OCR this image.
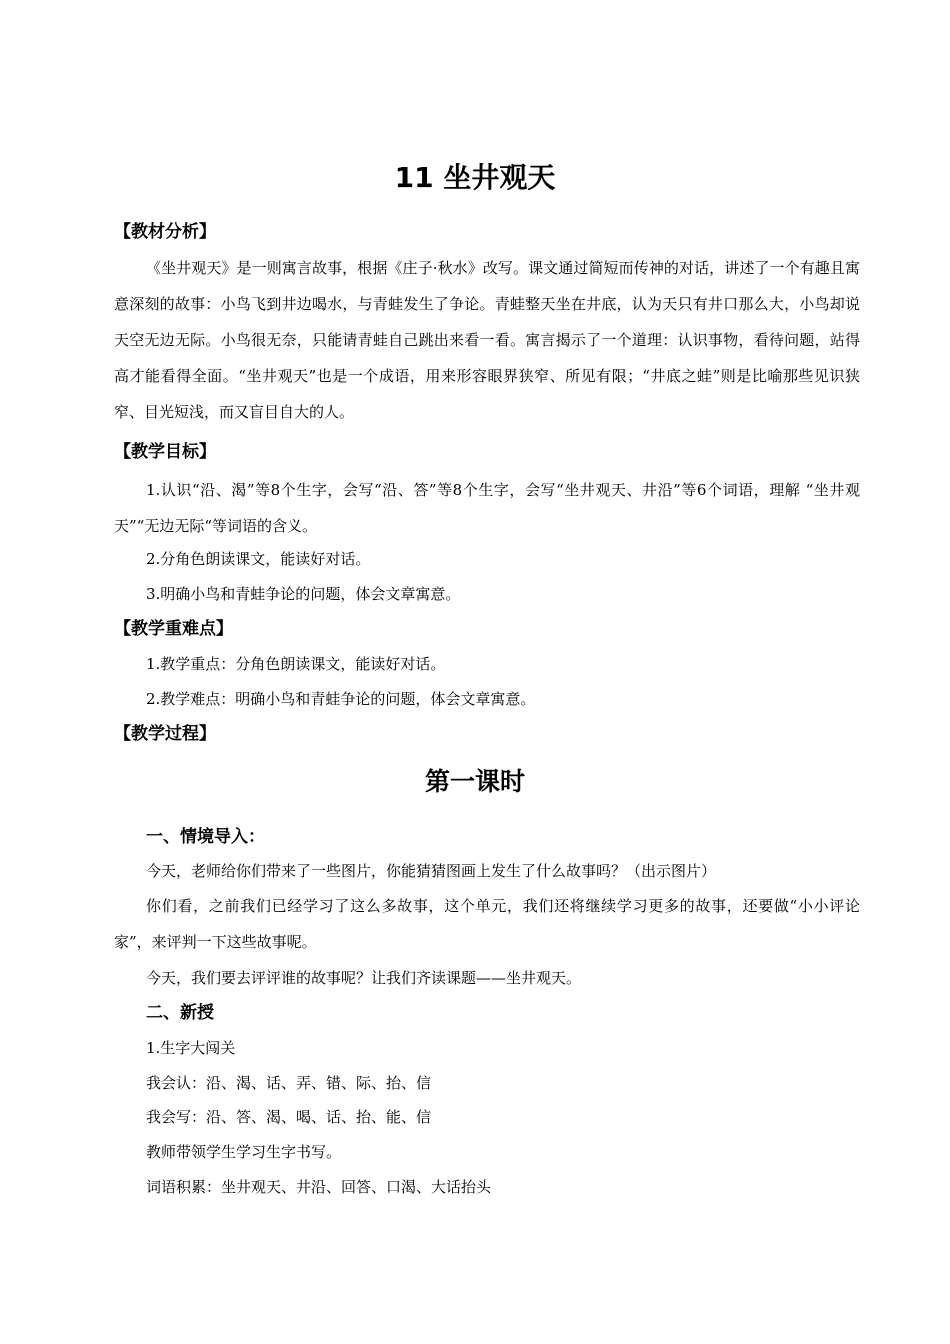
11 坐井观天
【教材分析】

《坐井观天》是一则寓言故事，根据《庄子·秋水》改写。课文通过简短而传神的对话，讲述了一个有趣且寓意深刻的故事：小鸟飞到井边喝水，与青蛙发生了争论。青蛙整天坐在井底，认为天只有井口那么大，小鸟却说天空无边无际。小鸟很无奈，只能请青蛙自己跳出来看一看。寓言揭示了一个道理：认识事物，看待问题，站得高才能看得全面。“坐井观天”也是一个成语，用来形容眼界狭窄、所见有限；“井底之蛙”则是比喻那些见识狭窄、目光短浅，而又盲目自大的人。

【教学目标】

1.认识“沿、渴”等8个生字，会写“沿、答”等8个生字，会写“坐井观天、井沿”等6个词语，理解 “坐井观天”“无边无际“等词语的含义。

2.分角色朗读课文，能读好对话。
3.明确小鸟和青蛙争论的问题，体会文章寓意。
【教学重难点】
1.教学重点：分角色朗读课文，能读好对话。
2.教学难点：明确小鸟和青蛙争论的问题，体会文章寓意。
【教学过程】
第一课时
一、情境导入：
今天，老师给你们带来了一些图片，你能猜猜图画上发生了什么故事吗？（出示图片）

你们看，之前我们已经学习了这么多故事，这个单元，我们还将继续学习更多的故事，还要做“小小评论家”，来评判一下这些故事呢。

今天，我们要去评评谁的故事呢？让我们齐读课题——坐井观天。
二、新授
1.生字大闯关
我会认：沿、渴、话、弄、错、际、抬、信
我会写：沿、答、渴、喝、话、抬、能、信
教师带领学生学习生字书写。
词语积累：坐井观天、井沿、回答、口渴、大话抬头
